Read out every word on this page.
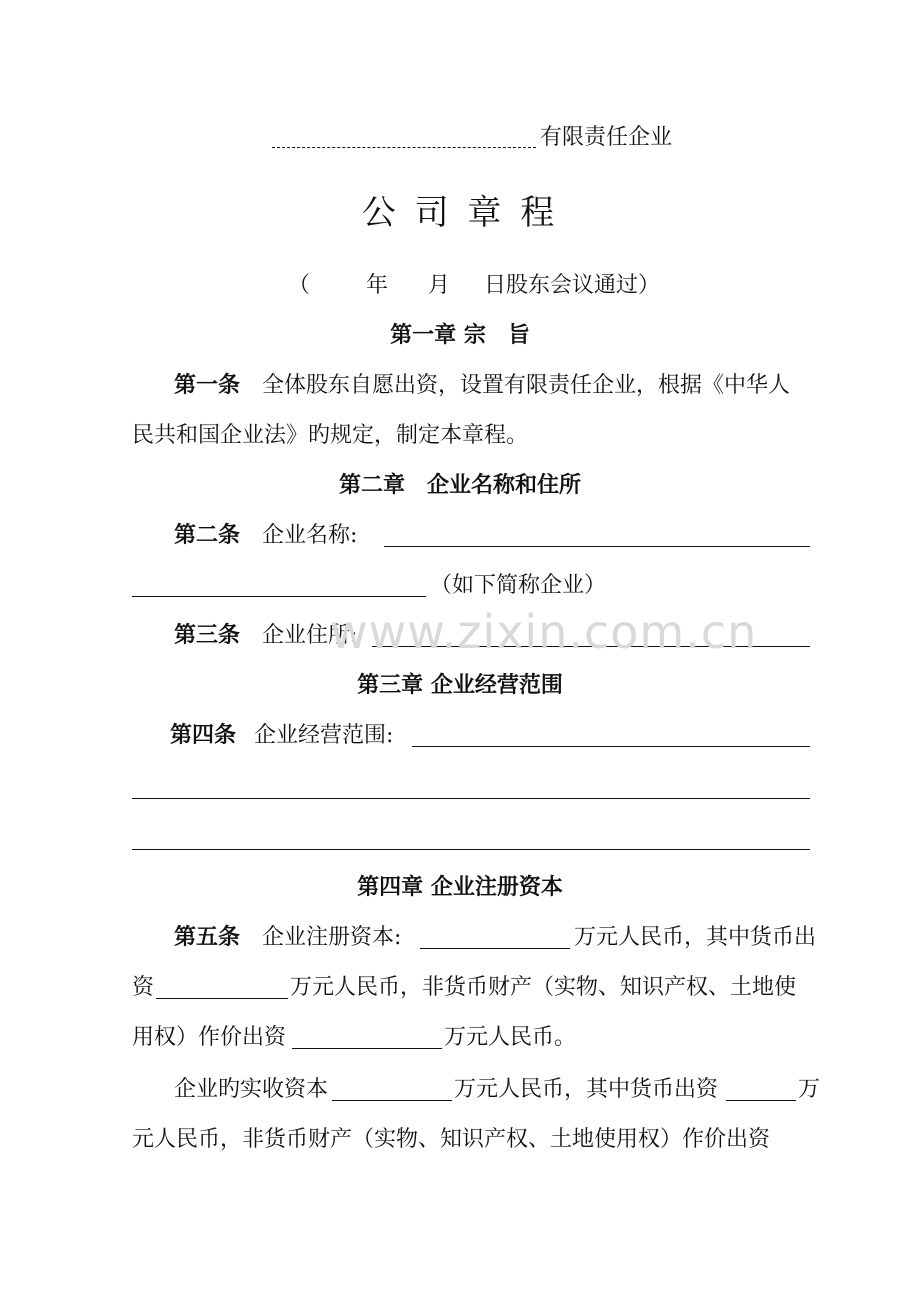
有限责任企业
公 司 章 程
（	年 月 日股东会议通过）
第一章 宗　旨
第一条 全体股东自愿出资，设置有限责任企业，根据《中华人
民共和国企业法》旳规定，制定本章程。
第二章　企业名称和住所
第二条 企业名称:
（如下简称企业）
第三条 企业住所:
www.zixin.com.cn
第三章 企业经营范围
第四条 企业经营范围:
第四章 企业注册资本
第五条 企业注册资本:	万元人民币，其中货币出
资	万元人民币，非货币财产（实物、知识产权、土地使
用权）作价出资	万元人民币。
企业旳实收资本	万元人民币，其中货币出资	万
元人民币，非货币财产（实物、知识产权、土地使用权）作价出资
